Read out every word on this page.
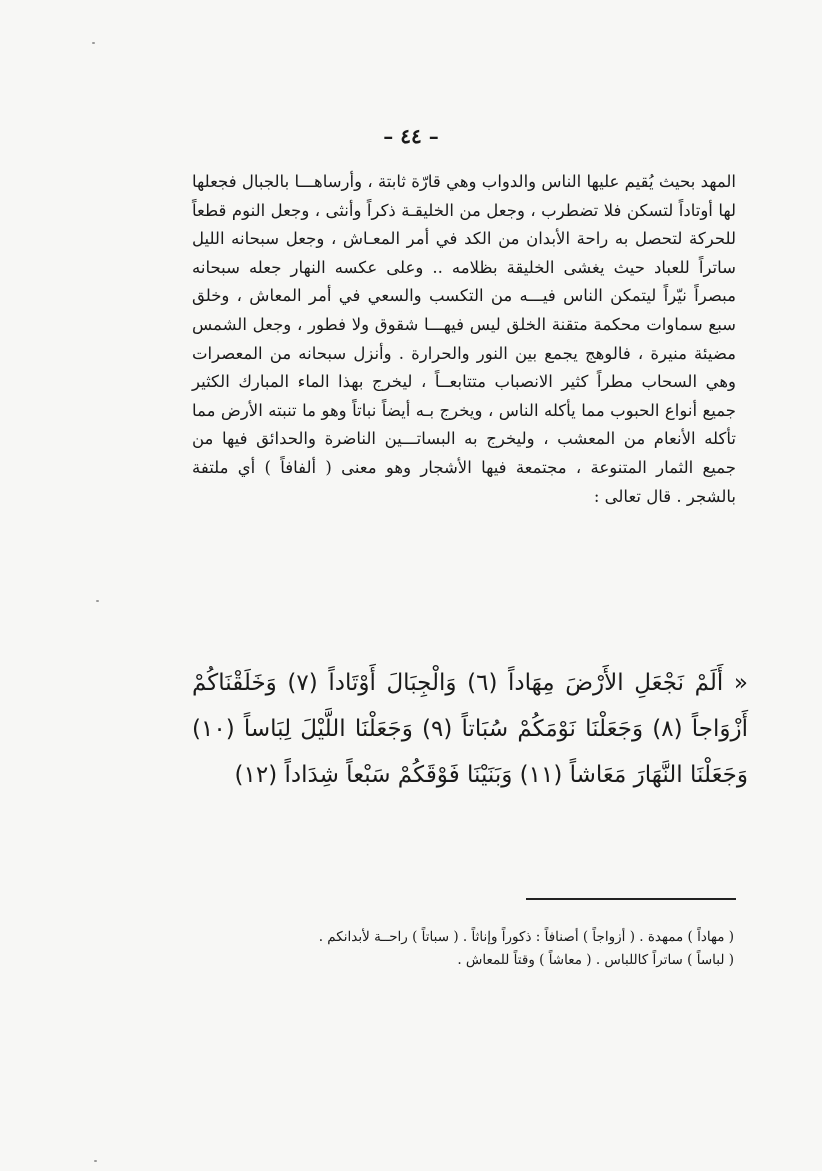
– ٤٤ –
المهد بحيث يُقيم عليها الناس والدواب وهي قارّة ثابتة ، وأرساهـــا بالجبال فجعلها لها أوتاداً لتسكن فلا تضطرب ، وجعل من الخليقـة ذكراً وأنثى ، وجعل النوم قطعاً للحركة لتحصل به راحة الأبدان من الكد في أمر المعـاش ، وجعل سبحانه الليل ساتراً للعباد حيث يغشى الخليقة بظلامه .. وعلى عكسه النهار جعله سبحانه مبصراً نيّراً ليتمكن الناس فيـــه من التكسب والسعي في أمر المعاش ، وخلق سبع سماوات محكمة متقنة الخلق ليس فيهـــا شقوق ولا فطور ، وجعل الشمس مضيئة منيرة ، فالوهج يجمع بين النور والحرارة . وأنزل سبحانه من المعصرات وهي السحاب مطراً كثير الانصباب متتابعــاً ، ليخرج بهذا الماء المبارك الكثير جميع أنواع الحبوب مما يأكله الناس ، ويخرج بـه أيضاً نباتاً وهو ما تنبته الأرض مما تأكله الأنعام من المعشب ، وليخرج به البساتـــين الناضرة والحدائق فيها من جميع الثمار المتنوعة ، مجتمعة فيها الأشجار وهو معنى ( ألفافاً ) أي ملتفة بالشجر . قال تعالى :
« أَلَمْ نَجْعَلِ الأَرْضَ مِهَاداً (٦) وَالْجِبَالَ أَوْتَاداً (٧) وَخَلَقْنَاكُمْ أَزْوَاجاً (٨) وَجَعَلْنَا نَوْمَكُمْ سُبَاتاً (٩) وَجَعَلْنَا اللَّيْلَ لِبَاساً (١٠) وَجَعَلْنَا النَّهَارَ مَعَاشاً (١١) وَبَنَيْنَا فَوْقَكُمْ سَبْعاً شِدَاداً (١٢)
( مهاداً ) ممهدة . ( أزواجاً ) أصنافاً : ذكوراً وإناثاً . ( سباتاً ) راحــة لأبدانكم .
( لباساً ) ساتراً كاللباس . ( معاشاً ) وقتاً للمعاش .
